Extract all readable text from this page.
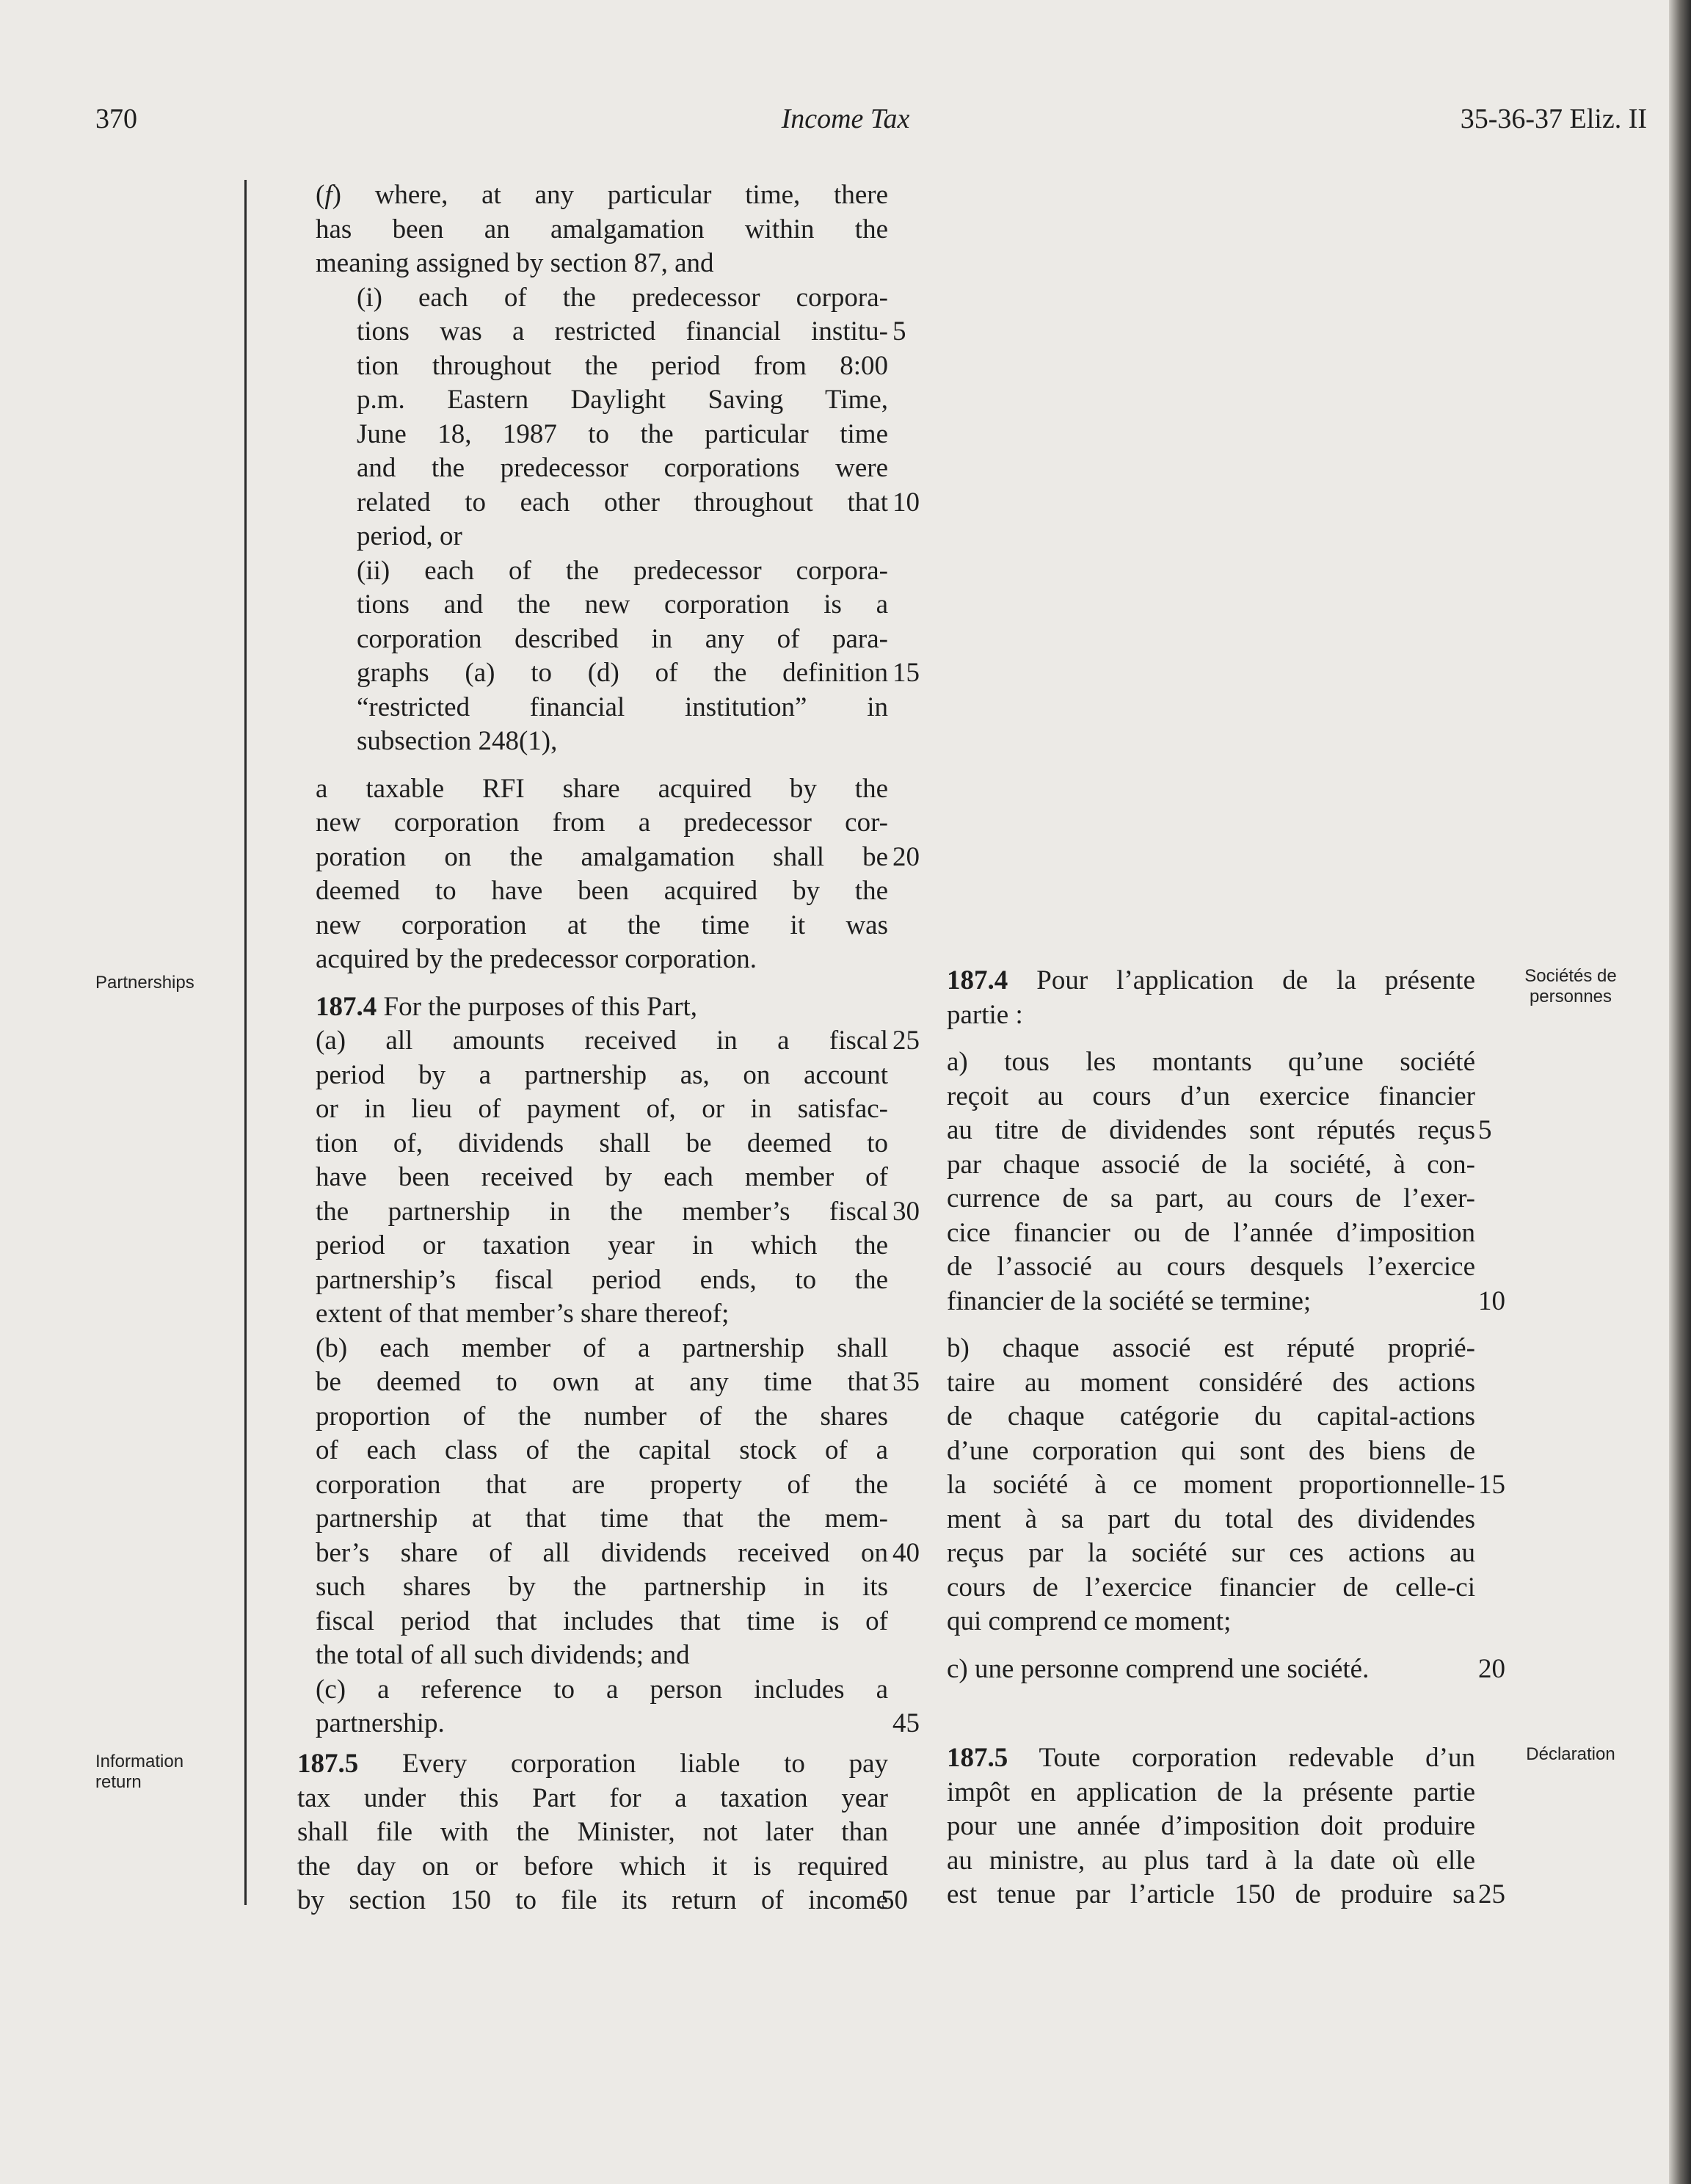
370	Income Tax	35-36-37 Eliz. II
Partnerships
Information
return
Sociétés de
personnes
Déclaration
(f) where, at any particular time, there
has been an amalgamation within the
meaning assigned by section 87, and
(i) each of the predecessor corpora-
tions was a restricted financial institu- 5
tion throughout the period from 8:00
p.m. Eastern Daylight Saving Time,
June 18, 1987 to the particular time
and the predecessor corporations were
related to each other throughout that 10
period, or
(ii) each of the predecessor corpora-
tions and the new corporation is a
corporation described in any of para-
graphs (a) to (d) of the definition 15
“restricted financial institution” in
subsection 248(1),
a taxable RFI share acquired by the
new corporation from a predecessor cor-
poration on the amalgamation shall be 20
deemed to have been acquired by the
new corporation at the time it was
acquired by the predecessor corporation.
187.4 For the purposes of this Part,
(a) all amounts received in a fiscal 25
period by a partnership as, on account
or in lieu of payment of, or in satisfac-
tion of, dividends shall be deemed to
have been received by each member of
the partnership in the member’s fiscal 30
period or taxation year in which the
partnership’s fiscal period ends, to the
extent of that member’s share thereof;
(b) each member of a partnership shall
be deemed to own at any time that 35
proportion of the number of the shares
of each class of the capital stock of a
corporation that are property of the
partnership at that time that the mem-
ber’s share of all dividends received on 40
such shares by the partnership in its
fiscal period that includes that time is of
the total of all such dividends; and
(c) a reference to a person includes a
partnership.	45
187.5 Every corporation liable to pay
tax under this Part for a taxation year
shall file with the Minister, not later than
the day on or before which it is required
by section 150 to file its return of income
50
187.4 Pour l’application de la présente
partie :
a) tous les montants qu’une société
reçoit au cours d’un exercice financier
au titre de dividendes sont réputés reçus 5
par chaque associé de la société, à con-
currence de sa part, au cours de l’exer-
cice financier ou de l’année d’imposition
de l’associé au cours desquels l’exercice
financier de la société se termine;	10
b) chaque associé est réputé proprié-
taire au moment considéré des actions
de chaque catégorie du capital-actions
d’une corporation qui sont des biens de
la société à ce moment proportionnelle- 15
ment à sa part du total des dividendes
reçus par la société sur ces actions au
cours de l’exercice financier de celle-ci
qui comprend ce moment;
c) une personne comprend une société.	20
187.5 Toute corporation redevable d’un
impôt en application de la présente partie
pour une année d’imposition doit produire
au ministre, au plus tard à la date où elle
est tenue par l’article 150 de produire sa 25
